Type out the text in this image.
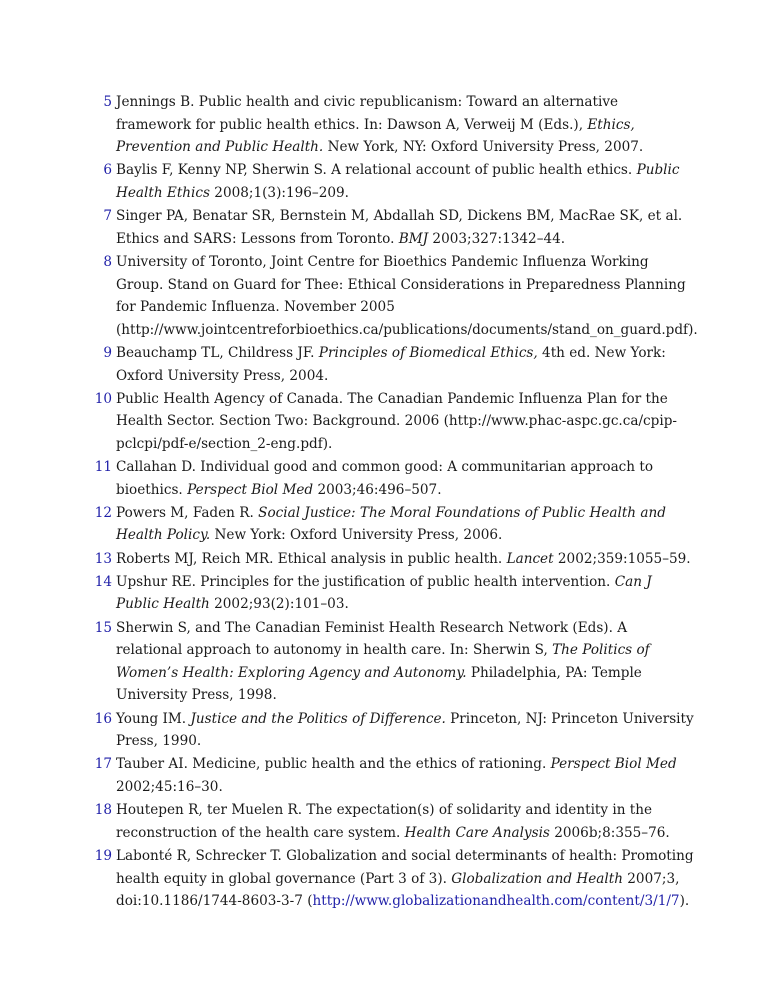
5 Jennings B. Public health and civic republicanism: Toward an alternative framework for public health ethics. In: Dawson A, Verweij M (Eds.), Ethics, Prevention and Public Health. New York, NY: Oxford University Press, 2007.
6 Baylis F, Kenny NP, Sherwin S. A relational account of public health ethics. Public Health Ethics 2008;1(3):196–209.
7 Singer PA, Benatar SR, Bernstein M, Abdallah SD, Dickens BM, MacRae SK, et al. Ethics and SARS: Lessons from Toronto. BMJ 2003;327:1342–44.
8 University of Toronto, Joint Centre for Bioethics Pandemic Influenza Working Group. Stand on Guard for Thee: Ethical Considerations in Preparedness Planning for Pandemic Influenza. November 2005 (http://www.jointcentreforbioethics.ca/publications/documents/stand_on_guard.pdf).
9 Beauchamp TL, Childress JF. Principles of Biomedical Ethics, 4th ed. New York: Oxford University Press, 2004.
10 Public Health Agency of Canada. The Canadian Pandemic Influenza Plan for the Health Sector. Section Two: Background. 2006 (http://www.phac-aspc.gc.ca/cpip-pclcpi/pdf-e/section_2-eng.pdf).
11 Callahan D. Individual good and common good: A communitarian approach to bioethics. Perspect Biol Med 2003;46:496–507.
12 Powers M, Faden R. Social Justice: The Moral Foundations of Public Health and Health Policy. New York: Oxford University Press, 2006.
13 Roberts MJ, Reich MR. Ethical analysis in public health. Lancet 2002;359:1055–59.
14 Upshur RE. Principles for the justification of public health intervention. Can J Public Health 2002;93(2):101–03.
15 Sherwin S, and The Canadian Feminist Health Research Network (Eds). A relational approach to autonomy in health care. In: Sherwin S, The Politics of Women’s Health: Exploring Agency and Autonomy. Philadelphia, PA: Temple University Press, 1998.
16 Young IM. Justice and the Politics of Difference. Princeton, NJ: Princeton University Press, 1990.
17 Tauber AI. Medicine, public health and the ethics of rationing. Perspect Biol Med 2002;45:16–30.
18 Houtepen R, ter Muelen R. The expectation(s) of solidarity and identity in the reconstruction of the health care system. Health Care Analysis 2006b;8:355–76.
19 Labonté R, Schrecker T. Globalization and social determinants of health: Promoting health equity in global governance (Part 3 of 3). Globalization and Health 2007;3, doi:10.1186/1744-8603-3-7 (http://www.globalizationandhealth.com/content/3/1/7).
